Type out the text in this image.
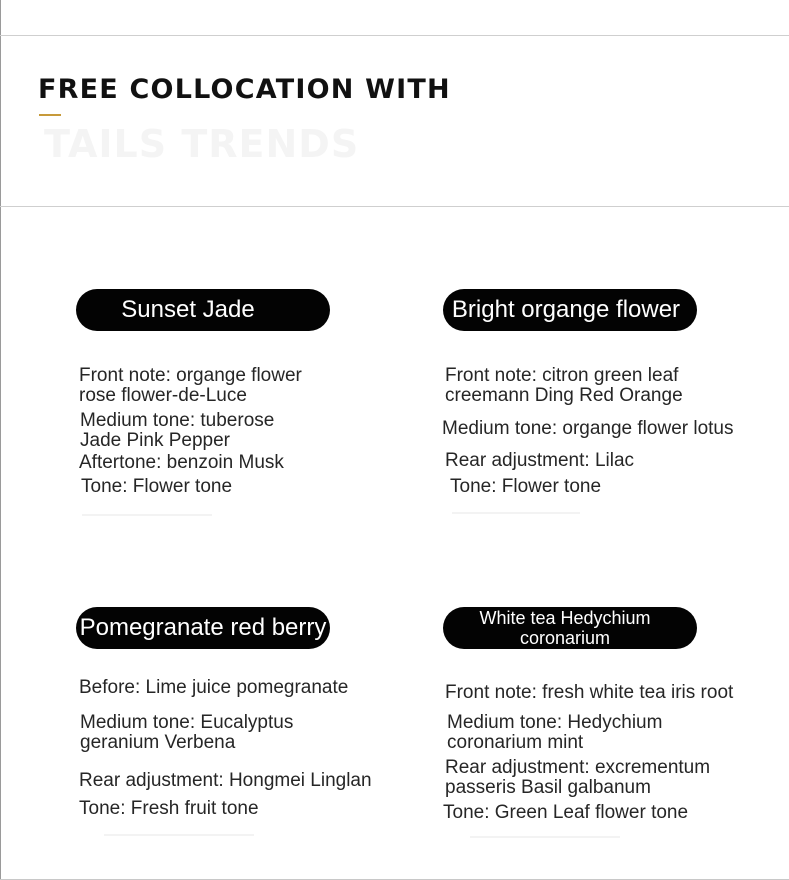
FREE COLLOCATION WITH
TAILS TRENDS
Sunset Jade
Front note: organge flower
rose flower-de-Luce
Medium tone: tuberose
Jade Pink Pepper
Aftertone: benzoin Musk
Tone: Flower tone
Bright organge flower
Front note: citron green leaf
creemann Ding Red Orange
Medium tone: organge flower lotus
Rear adjustment: Lilac
Tone: Flower tone
Pomegranate red berry
Before: Lime juice pomegranate
Medium tone: Eucalyptus
geranium Verbena
Rear adjustment: Hongmei Linglan
Tone: Fresh fruit tone
White tea Hedychium
coronarium
Front note: fresh white tea iris root
Medium tone: Hedychium
coronarium mint
Rear adjustment: excrementum
passeris Basil galbanum
Tone: Green Leaf flower tone
